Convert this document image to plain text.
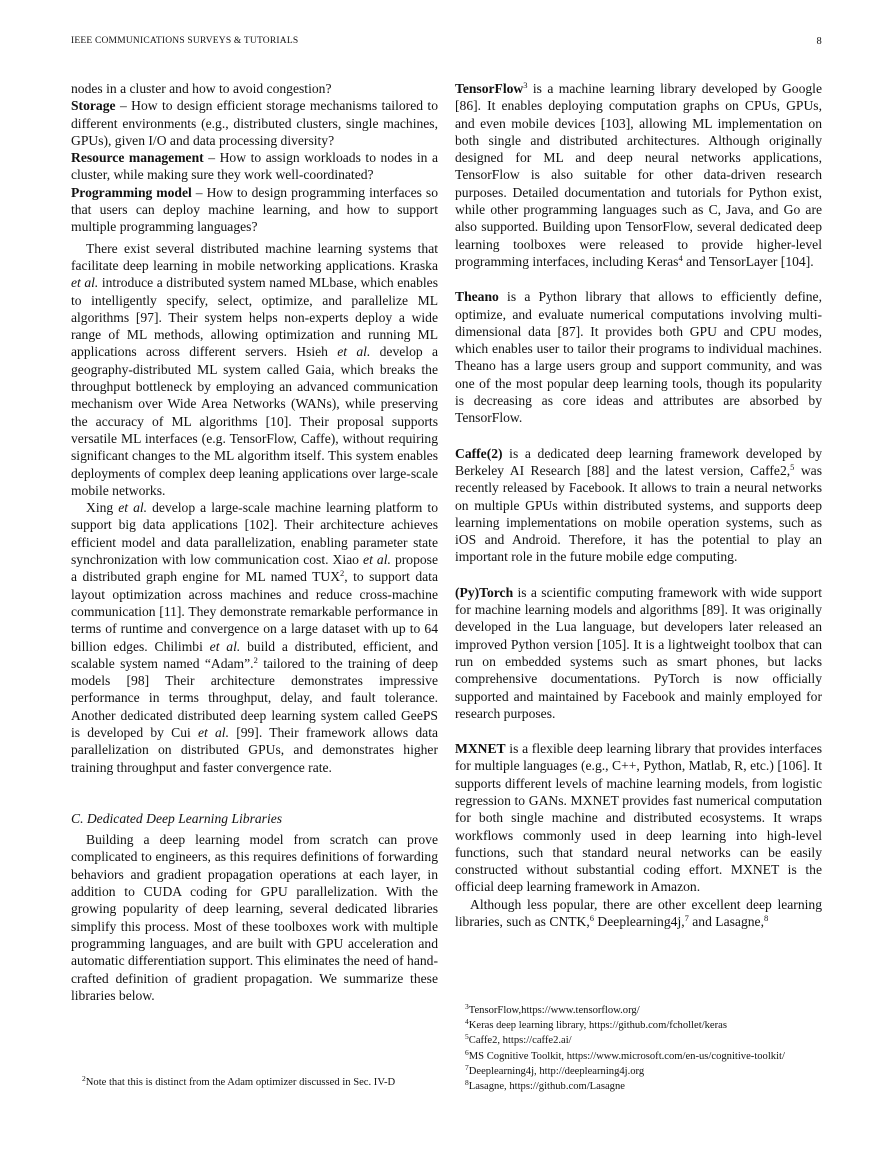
IEEE COMMUNICATIONS SURVEYS & TUTORIALS	8

nodes in a cluster and how to avoid congestion?

Storage – How to design efficient storage mechanisms tailored to different environments (e.g., distributed clusters, single machines, GPUs), given I/O and data processing diversity?

Resource management – How to assign workloads to nodes in a cluster, while making sure they work well-coordinated?

Programming model – How to design programming interfaces so that users can deploy machine learning, and how to support multiple programming languages?

There exist several distributed machine learning systems that facilitate deep learning in mobile networking applications. Kraska et al. introduce a distributed system named MLbase, which enables to intelligently specify, select, optimize, and parallelize ML algorithms [97]. Their system helps non-experts deploy a wide range of ML methods, allowing optimization and running ML applications across different servers. Hsieh et al. develop a geography-distributed ML system called Gaia, which breaks the throughput bottleneck by employing an advanced communication mechanism over Wide Area Networks (WANs), while preserving the accuracy of ML algorithms [10]. Their proposal supports versatile ML interfaces (e.g. TensorFlow, Caffe), without requiring significant changes to the ML algorithm itself. This system enables deployments of complex deep leaning applications over large-scale mobile networks.

Xing et al. develop a large-scale machine learning platform to support big data applications [102]. Their architecture achieves efficient model and data parallelization, enabling parameter state synchronization with low communication cost. Xiao et al. propose a distributed graph engine for ML named TUX$^2$, to support data layout optimization across machines and reduce cross-machine communication [11]. They demonstrate remarkable performance in terms of runtime and convergence on a large dataset with up to 64 billion edges. Chilimbi et al. build a distributed, efficient, and scalable system named “Adam”.$^2$ tailored to the training of deep models [98] Their architecture demonstrates impressive performance in terms throughput, delay, and fault tolerance. Another dedicated distributed deep learning system called GeePS is developed by Cui et al. [99]. Their framework allows data parallelization on distributed GPUs, and demonstrates higher training throughput and faster convergence rate.

C. Dedicated Deep Learning Libraries

Building a deep learning model from scratch can prove complicated to engineers, as this requires definitions of forwarding behaviors and gradient propagation operations at each layer, in addition to CUDA coding for GPU parallelization. With the growing popularity of deep learning, several dedicated libraries simplify this process. Most of these toolboxes work with multiple programming languages, and are built with GPU acceleration and automatic differentiation support. This eliminates the need of hand-crafted definition of gradient propagation. We summarize these libraries below.

$^2$Note that this is distinct from the Adam optimizer discussed in Sec. IV-D

TensorFlow$^3$ is a machine learning library developed by Google [86]. It enables deploying computation graphs on CPUs, GPUs, and even mobile devices [103], allowing ML implementation on both single and distributed architectures. Although originally designed for ML and deep neural networks applications, TensorFlow is also suitable for other data-driven research purposes. Detailed documentation and tutorials for Python exist, while other programming languages such as C, Java, and Go are also supported. Building upon TensorFlow, several dedicated deep learning toolboxes were released to provide higher-level programming interfaces, including Keras$^4$ and TensorLayer [104].

Theano is a Python library that allows to efficiently define, optimize, and evaluate numerical computations involving multi-dimensional data [87]. It provides both GPU and CPU modes, which enables user to tailor their programs to individual machines. Theano has a large users group and support community, and was one of the most popular deep learning tools, though its popularity is decreasing as core ideas and attributes are absorbed by TensorFlow.

Caffe(2) is a dedicated deep learning framework developed by Berkeley AI Research [88] and the latest version, Caffe2,$^5$ was recently released by Facebook. It allows to train a neural networks on multiple GPUs within distributed systems, and supports deep learning implementations on mobile operation systems, such as iOS and Android. Therefore, it has the potential to play an important role in the future mobile edge computing.

(Py)Torch is a scientific computing framework with wide support for machine learning models and algorithms [89]. It was originally developed in the Lua language, but developers later released an improved Python version [105]. It is a lightweight toolbox that can run on embedded systems such as smart phones, but lacks comprehensive documentations. PyTorch is now officially supported and maintained by Facebook and mainly employed for research purposes.

MXNET is a flexible deep learning library that provides interfaces for multiple languages (e.g., C++, Python, Matlab, R, etc.) [106]. It supports different levels of machine learning models, from logistic regression to GANs. MXNET provides fast numerical computation for both single machine and distributed ecosystems. It wraps workflows commonly used in deep learning into high-level functions, such that standard neural networks can be easily constructed without substantial coding effort. MXNET is the official deep learning framework in Amazon.

Although less popular, there are other excellent deep learning libraries, such as CNTK,$^6$ Deeplearning4j,$^7$ and Lasagne,$^8$

$^3$TensorFlow,https://www.tensorflow.org/
$^4$Keras deep learning library, https://github.com/fchollet/keras
$^5$Caffe2, https://caffe2.ai/
$^6$MS Cognitive Toolkit, https://www.microsoft.com/en-us/cognitive-toolkit/
$^7$Deeplearning4j, http://deeplearning4j.org
$^8$Lasagne, https://github.com/Lasagne
